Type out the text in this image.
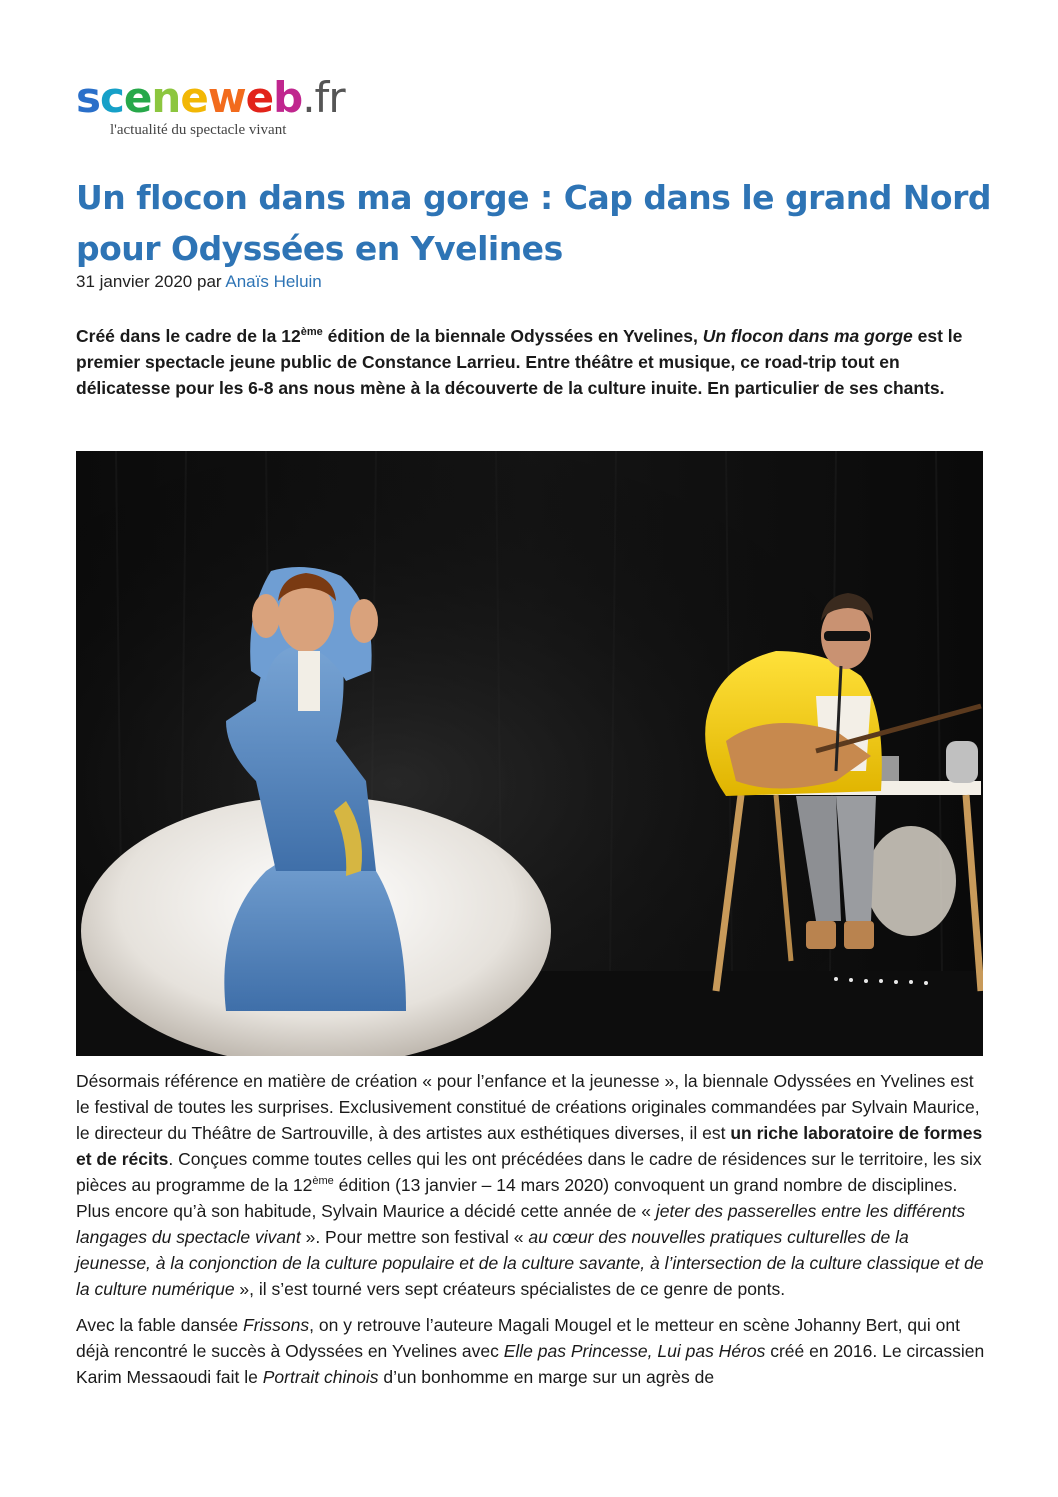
sceneweb.fr
l'actualité du spectacle vivant
Un flocon dans ma gorge : Cap dans le grand Nord pour Odyssées en Yvelines
31 janvier 2020 par Anaïs Heluin

Créé dans le cadre de la 12ème édition de la biennale Odyssées en Yvelines, Un flocon dans ma gorge est le premier spectacle jeune public de Constance Larrieu. Entre théâtre et musique, ce road-trip tout en délicatesse pour les 6-8 ans nous mène à la découverte de la culture inuite. En particulier de ses chants.

Désormais référence en matière de création « pour l’enfance et la jeunesse », la biennale Odyssées en Yvelines est le festival de toutes les surprises. Exclusivement constitué de créations originales commandées par Sylvain Maurice, le directeur du Théâtre de Sartrouville, à des artistes aux esthétiques diverses, il est un riche laboratoire de formes et de récits. Conçues comme toutes celles qui les ont précédées dans le cadre de résidences sur le territoire, les six pièces au programme de la 12ème édition (13 janvier – 14 mars 2020) convoquent un grand nombre de disciplines. Plus encore qu’à son habitude, Sylvain Maurice a décidé cette année de « jeter des passerelles entre les différents langages du spectacle vivant ». Pour mettre son festival « au cœur des nouvelles pratiques culturelles de la jeunesse, à la conjonction de la culture populaire et de la culture savante, à l’intersection de la culture classique et de la culture numérique », il s’est tourné vers sept créateurs spécialistes de ce genre de ponts.

Avec la fable dansée Frissons, on y retrouve l’auteure Magali Mougel et le metteur en scène Johanny Bert, qui ont déjà rencontré le succès à Odyssées en Yvelines avec Elle pas Princesse, Lui pas Héros créé en 2016. Le circassien Karim Messaoudi fait le Portrait chinois d’un bonhomme en marge sur un agrès de
